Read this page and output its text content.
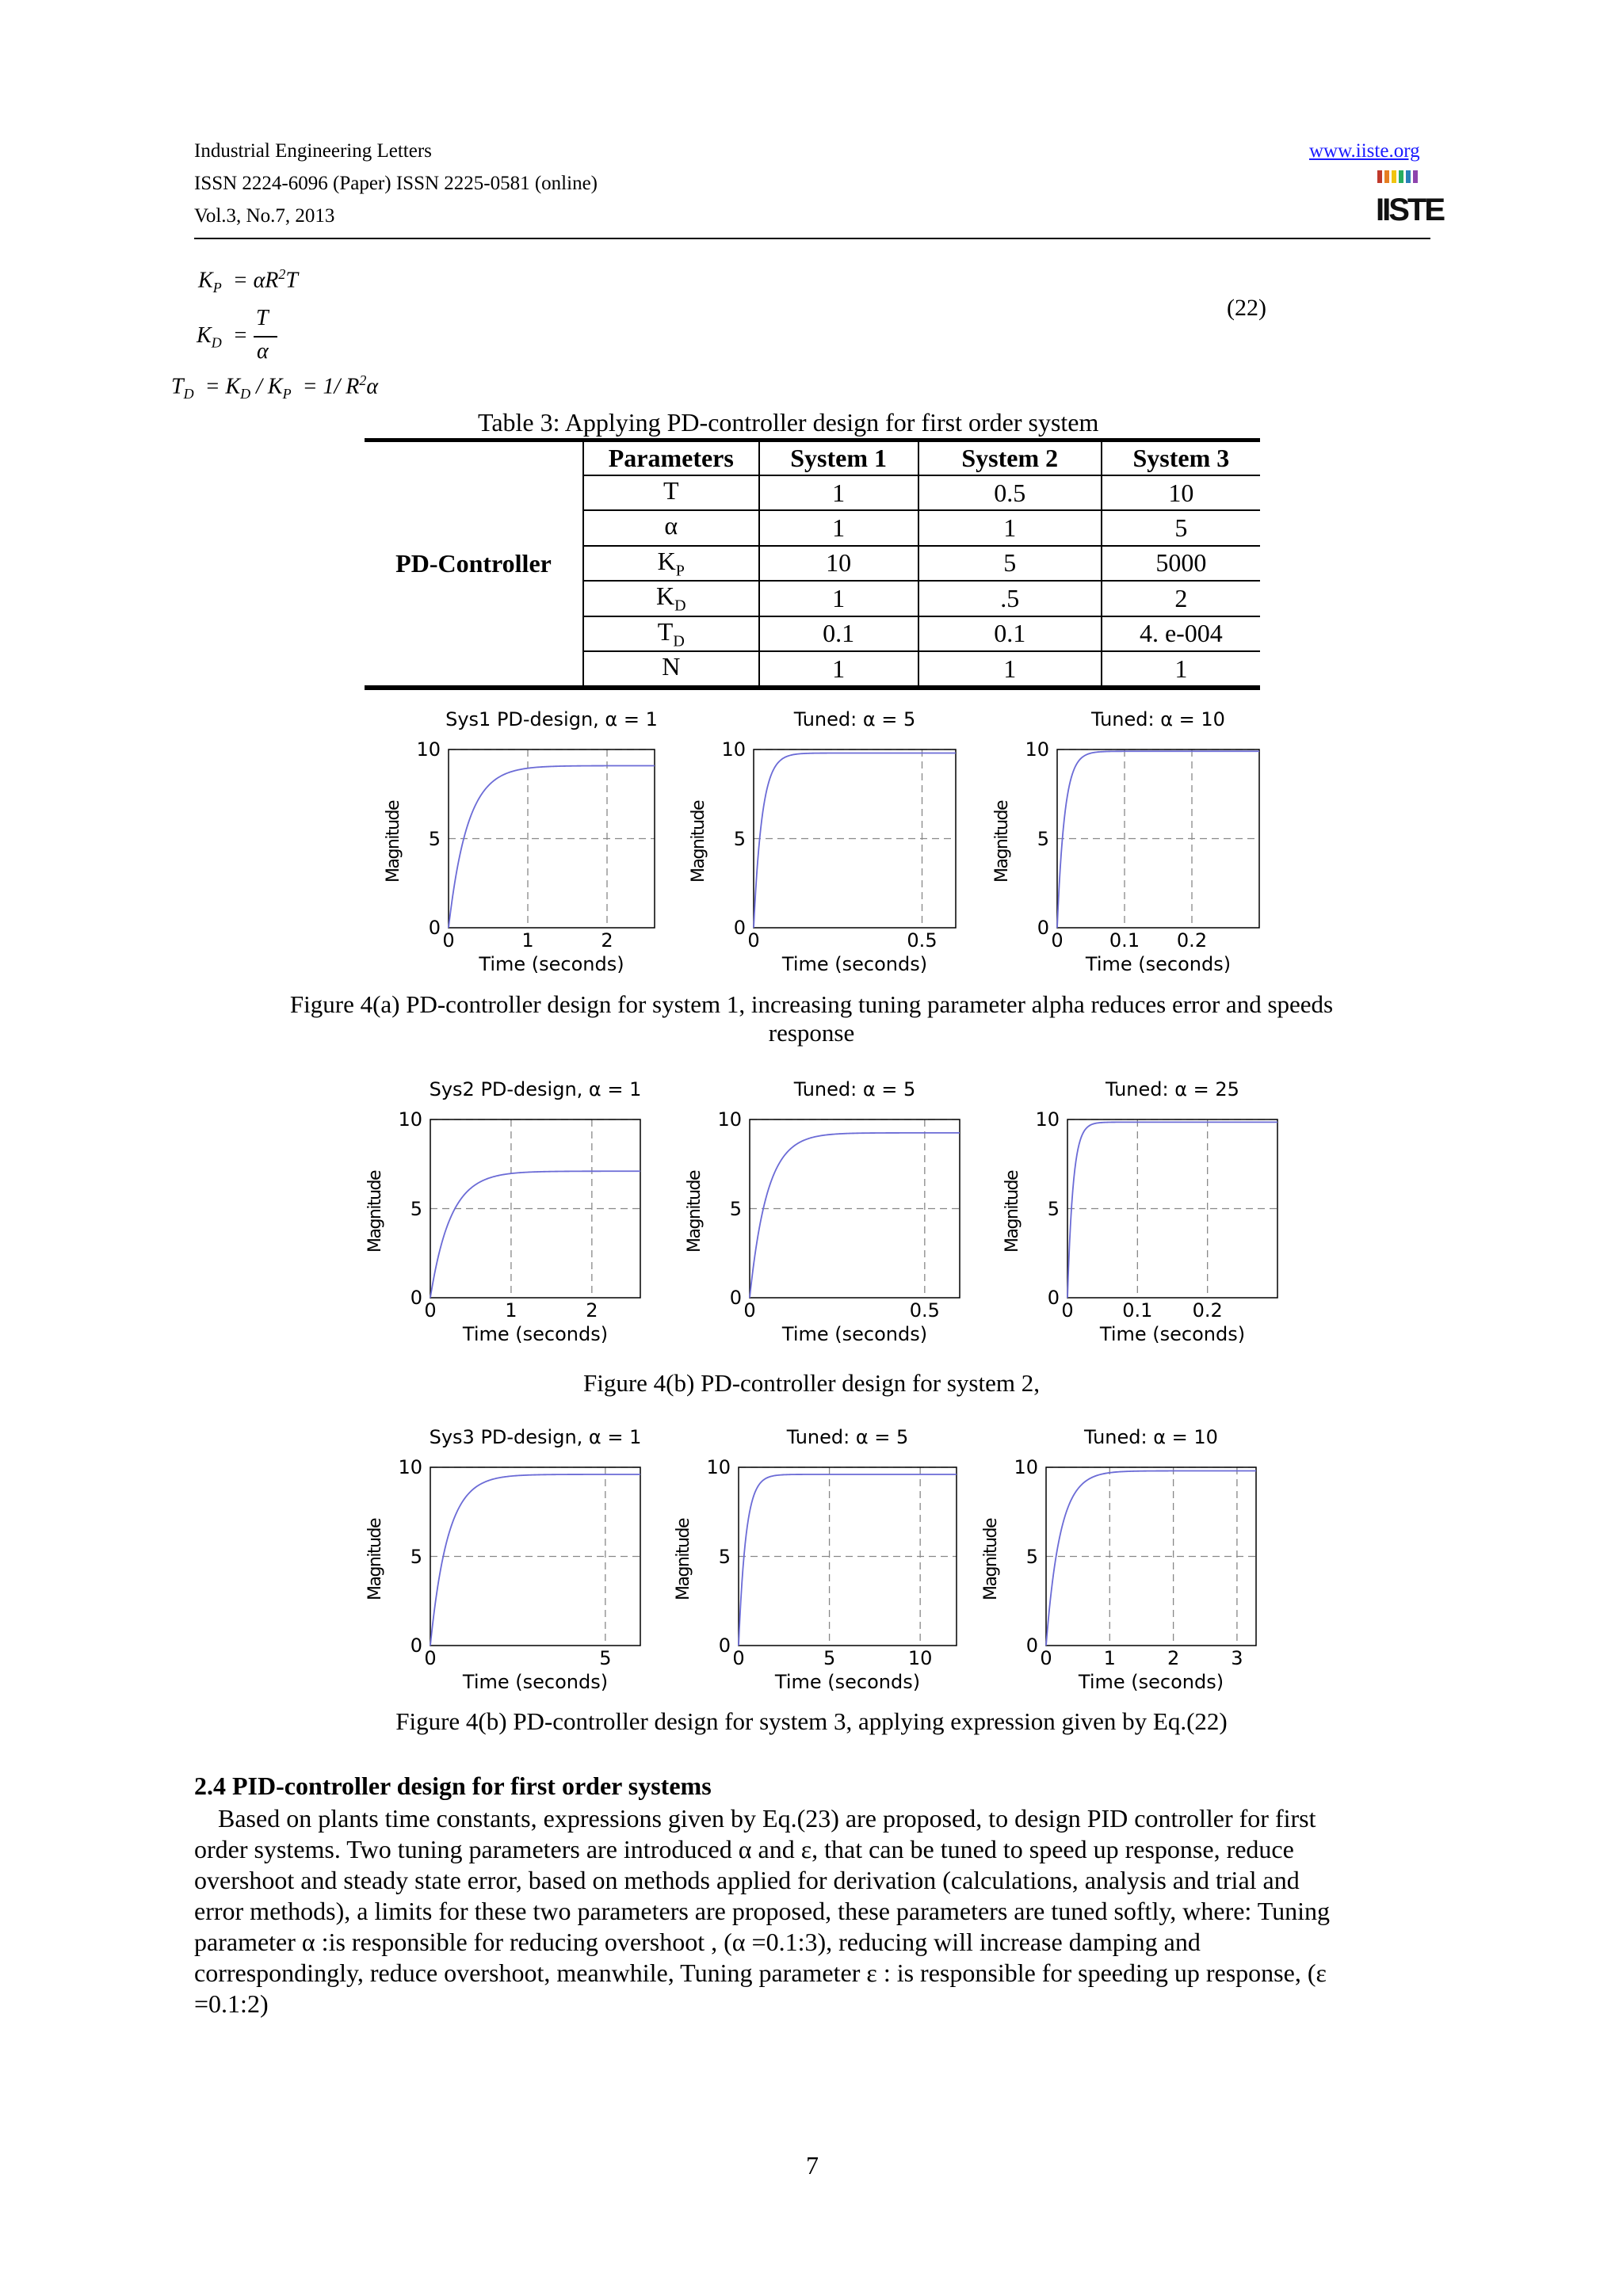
Industrial Engineering Letters
ISSN 2224-6096 (Paper) ISSN 2225-0581 (online)
Vol.3, No.7, 2013
www.iiste.org
IISTE
$K_P = \alpha R^2T$
$K_D$  =
T
α
$T_D = K_D / K_P = 1/$ $R^2\alpha$
(22)
Table 3: Applying PD-controller design for first order system
PD-Controller	Parameters	System 1	System 2	System 3
	T	1	0.5	10
	α	1	1	5
	$K_P$	10	5	5000
	$K_D$	1	.5	2
	$T_D$	0.1	0.1	4. e-004
	N	1	1	1
Sys1 PD-design, α = 1
Magnitude
0
5
10
0	1	2
Time (seconds)
Tuned: α = 5
Magnitude
0
5
10
0	0.5
Time (seconds)
Tuned: α = 10
Magnitude
0
5
10
0 0.1 0.2
Time (seconds)
Sys2 PD-design, α = 1
Magnitude
0
5
10
0	1	2
Time (seconds)
Tuned: α = 5
Magnitude
0
5
10
0	0.5
Time (seconds)
Tuned: α = 25
Magnitude
0
5
10
0	0.1 0.2
Time (seconds)
Sys3 PD-design, α = 1
Magnitude
0
5
10
0	5
Time (seconds)
Tuned: α = 5
Magnitude
0
5
10
0	5	10
Time (seconds)
Tuned: α = 10
Magnitude
0
5
10
0	1	2	3
Time (seconds)
Figure 4(a) PD-controller design for system 1, increasing tuning parameter alpha reduces error and speeds
response
Figure 4(b) PD-controller design for system 2,
Figure 4(b) PD-controller design for system 3, applying expression given by Eq.(22)
2.4 PID-controller design for first order systems
Based on plants time constants, expressions given by Eq.(23) are proposed, to design PID controller for first
order systems. Two tuning parameters are introduced α and ε, that can be tuned to speed up response, reduce
overshoot and steady state error, based on methods applied for derivation (calculations, analysis and trial and
error methods), a limits for these two parameters are proposed, these parameters are tuned softly, where: Tuning
parameter α :is responsible for reducing overshoot , (α =0.1:3), reducing will increase damping and
correspondingly, reduce overshoot, meanwhile, Tuning parameter ε : is responsible for speeding up response, (ε
=0.1:2)
7
